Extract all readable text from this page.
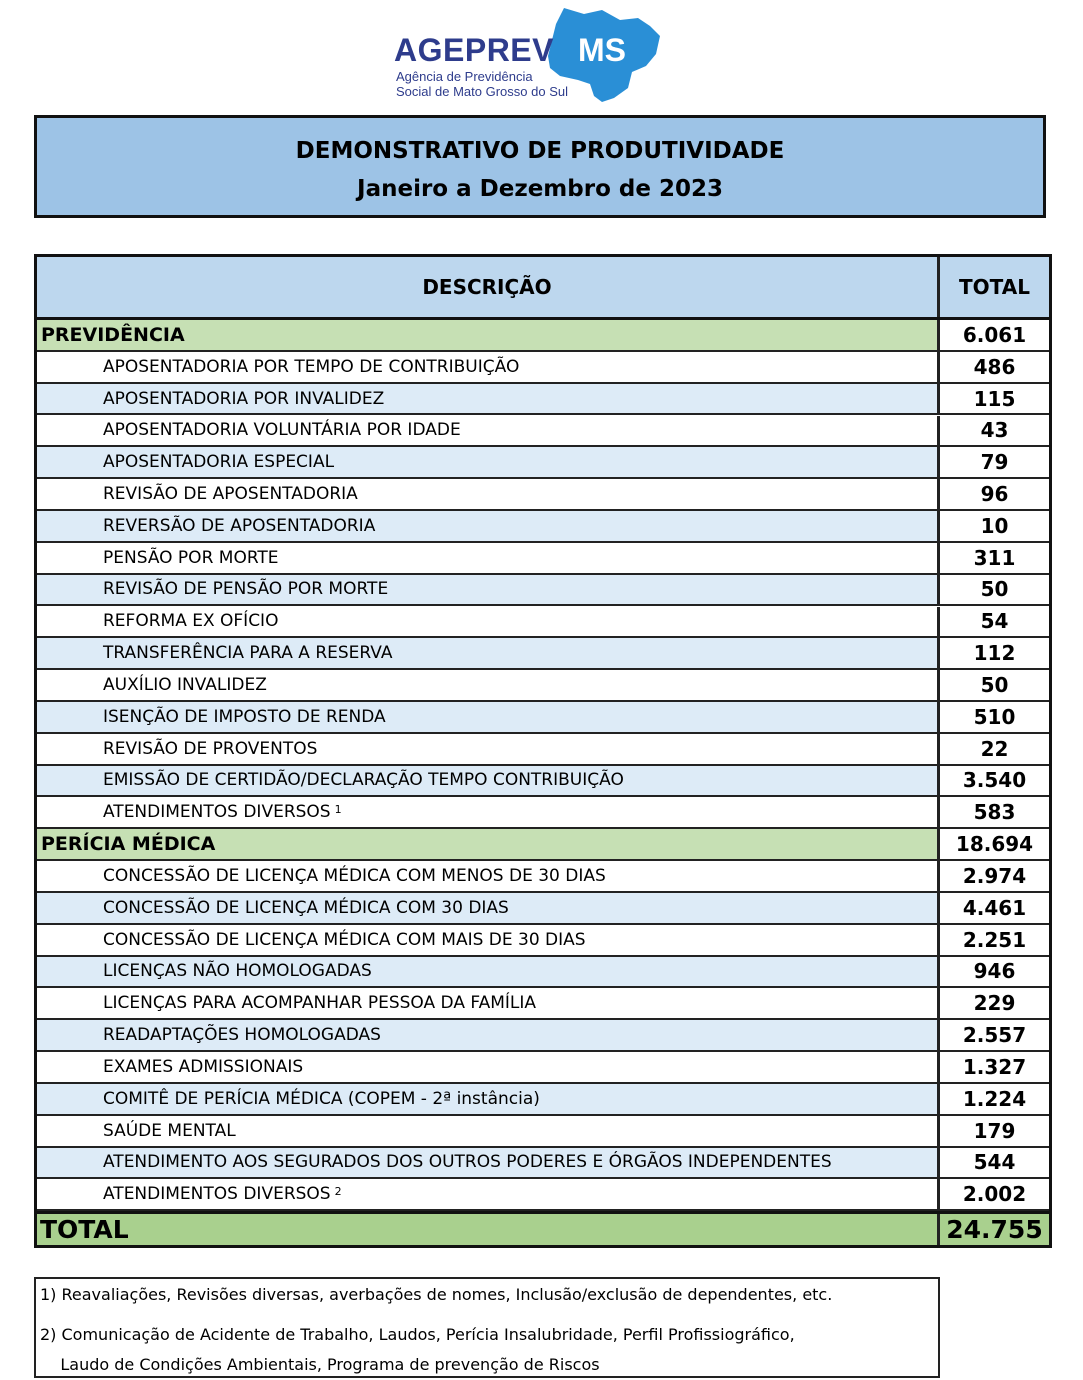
AGEPREV MS
Agência de Previdência
Social de Mato Grosso do Sul
DEMONSTRATIVO DE PRODUTIVIDADE
Janeiro a Dezembro de 2023
DESCRIÇÃO	TOTAL
PREVIDÊNCIA	6.061
APOSENTADORIA POR TEMPO DE CONTRIBUIÇÃO	486
APOSENTADORIA POR INVALIDEZ	115
APOSENTADORIA VOLUNTÁRIA POR IDADE	43
APOSENTADORIA ESPECIAL	79
REVISÃO DE APOSENTADORIA	96
REVERSÃO DE APOSENTADORIA	10
PENSÃO POR MORTE	311
REVISÃO DE PENSÃO POR MORTE	50
REFORMA EX OFÍCIO	54
TRANSFERÊNCIA PARA A RESERVA	112
AUXÍLIO INVALIDEZ	50
ISENÇÃO DE IMPOSTO DE RENDA	510
REVISÃO DE PROVENTOS	22
EMISSÃO DE CERTIDÃO/DECLARAÇÃO TEMPO CONTRIBUIÇÃO	3.540
ATENDIMENTOS DIVERSOS $^1$	583
PERÍCIA MÉDICA	18.694
CONCESSÃO DE LICENÇA MÉDICA COM MENOS DE 30 DIAS	2.974
CONCESSÃO DE LICENÇA MÉDICA COM 30 DIAS	4.461
CONCESSÃO DE LICENÇA MÉDICA COM MAIS DE 30 DIAS	2.251
LICENÇAS NÃO HOMOLOGADAS	946
LICENÇAS PARA ACOMPANHAR PESSOA DA FAMÍLIA	229
READAPTAÇÕES HOMOLOGADAS	2.557
EXAMES ADMISSIONAIS	1.327
COMITÊ DE PERÍCIA MÉDICA (COPEM - 2ª instância)	1.224
SAÚDE MENTAL	179
ATENDIMENTO AOS SEGURADOS DOS OUTROS PODERES E ÓRGÃOS INDEPENDENTES	544
ATENDIMENTOS DIVERSOS $^2$	2.002
TOTAL	24.755
1) Reavaliações, Revisões diversas, averbações de nomes, Inclusão/exclusão de dependentes, etc.
2) Comunicação de Acidente de Trabalho, Laudos, Perícia Insalubridade, Perfil Profissiográfico,
Laudo de Condições Ambientais, Programa de prevenção de Riscos
